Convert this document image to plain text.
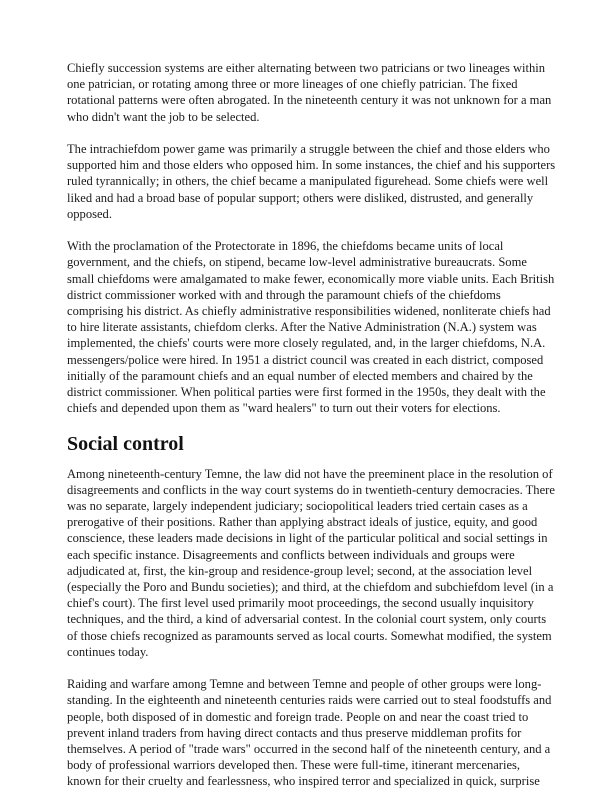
Chiefly succession systems are either alternating between two patricians or two lineages within
one patrician, or rotating among three or more lineages of one chiefly patrician. The fixed
rotational patterns were often abrogated. In the nineteenth century it was not unknown for a man
who didn't want the job to be selected.

The intrachiefdom power game was primarily a struggle between the chief and those elders who
supported him and those elders who opposed him. In some instances, the chief and his supporters
ruled tyrannically; in others, the chief became a manipulated figurehead. Some chiefs were well
liked and had a broad base of popular support; others were disliked, distrusted, and generally
opposed.

With the proclamation of the Protectorate in 1896, the chiefdoms became units of local
government, and the chiefs, on stipend, became low-level administrative bureaucrats. Some
small chiefdoms were amalgamated to make fewer, economically more viable units. Each British
district commissioner worked with and through the paramount chiefs of the chiefdoms
comprising his district. As chiefly administrative responsibilities widened, nonliterate chiefs had
to hire literate assistants, chiefdom clerks. After the Native Administration (N.A.) system was
implemented, the chiefs' courts were more closely regulated, and, in the larger chiefdoms, N.A.
messengers/police were hired. In 1951 a district council was created in each district, composed
initially of the paramount chiefs and an equal number of elected members and chaired by the
district commissioner. When political parties were first formed in the 1950s, they dealt with the
chiefs and depended upon them as "ward healers" to turn out their voters for elections.

Social control

Among nineteenth-century Temne, the law did not have the preeminent place in the resolution of
disagreements and conflicts in the way court systems do in twentieth-century democracies. There
was no separate, largely independent judiciary; sociopolitical leaders tried certain cases as a
prerogative of their positions. Rather than applying abstract ideals of justice, equity, and good
conscience, these leaders made decisions in light of the particular political and social settings in
each specific instance. Disagreements and conflicts between individuals and groups were
adjudicated at, first, the kin-group and residence-group level; second, at the association level
(especially the Poro and Bundu societies); and third, at the chiefdom and subchiefdom level (in a
chief's court). The first level used primarily moot proceedings, the second usually inquisitory
techniques, and the third, a kind of adversarial contest. In the colonial court system, only courts
of those chiefs recognized as paramounts served as local courts. Somewhat modified, the system
continues today.

Raiding and warfare among Temne and between Temne and people of other groups were long-
standing. In the eighteenth and nineteenth centuries raids were carried out to steal foodstuffs and
people, both disposed of in domestic and foreign trade. People on and near the coast tried to
prevent inland traders from having direct contacts and thus preserve middleman profits for
themselves. A period of "trade wars" occurred in the second half of the nineteenth century, and a
body of professional warriors developed then. These were full-time, itinerant mercenaries,
known for their cruelty and fearlessness, who inspired terror and specialized in quick, surprise
